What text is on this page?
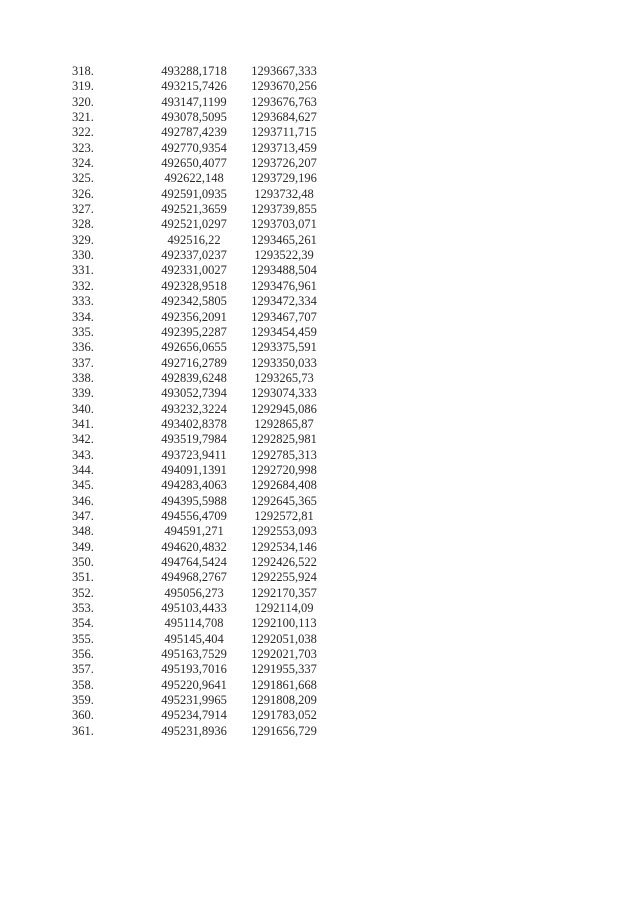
318.	493288,1718	1293667,333
319.	493215,7426	1293670,256
320.	493147,1199	1293676,763
321.	493078,5095	1293684,627
322.	492787,4239	1293711,715
323.	492770,9354	1293713,459
324.	492650,4077	1293726,207
325.	492622,148	1293729,196
326.	492591,0935	1293732,48
327.	492521,3659	1293739,855
328.	492521,0297	1293703,071
329.	492516,22	1293465,261
330.	492337,0237	1293522,39
331.	492331,0027	1293488,504
332.	492328,9518	1293476,961
333.	492342,5805	1293472,334
334.	492356,2091	1293467,707
335.	492395,2287	1293454,459
336.	492656,0655	1293375,591
337.	492716,2789	1293350,033
338.	492839,6248	1293265,73
339.	493052,7394	1293074,333
340.	493232,3224	1292945,086
341.	493402,8378	1292865,87
342.	493519,7984	1292825,981
343.	493723,9411	1292785,313
344.	494091,1391	1292720,998
345.	494283,4063	1292684,408
346.	494395,5988	1292645,365
347.	494556,4709	1292572,81
348.	494591,271	1292553,093
349.	494620,4832	1292534,146
350.	494764,5424	1292426,522
351.	494968,2767	1292255,924
352.	495056,273	1292170,357
353.	495103,4433	1292114,09
354.	495114,708	1292100,113
355.	495145,404	1292051,038
356.	495163,7529	1292021,703
357.	495193,7016	1291955,337
358.	495220,9641	1291861,668
359.	495231,9965	1291808,209
360.	495234,7914	1291783,052
361.	495231,8936	1291656,729
